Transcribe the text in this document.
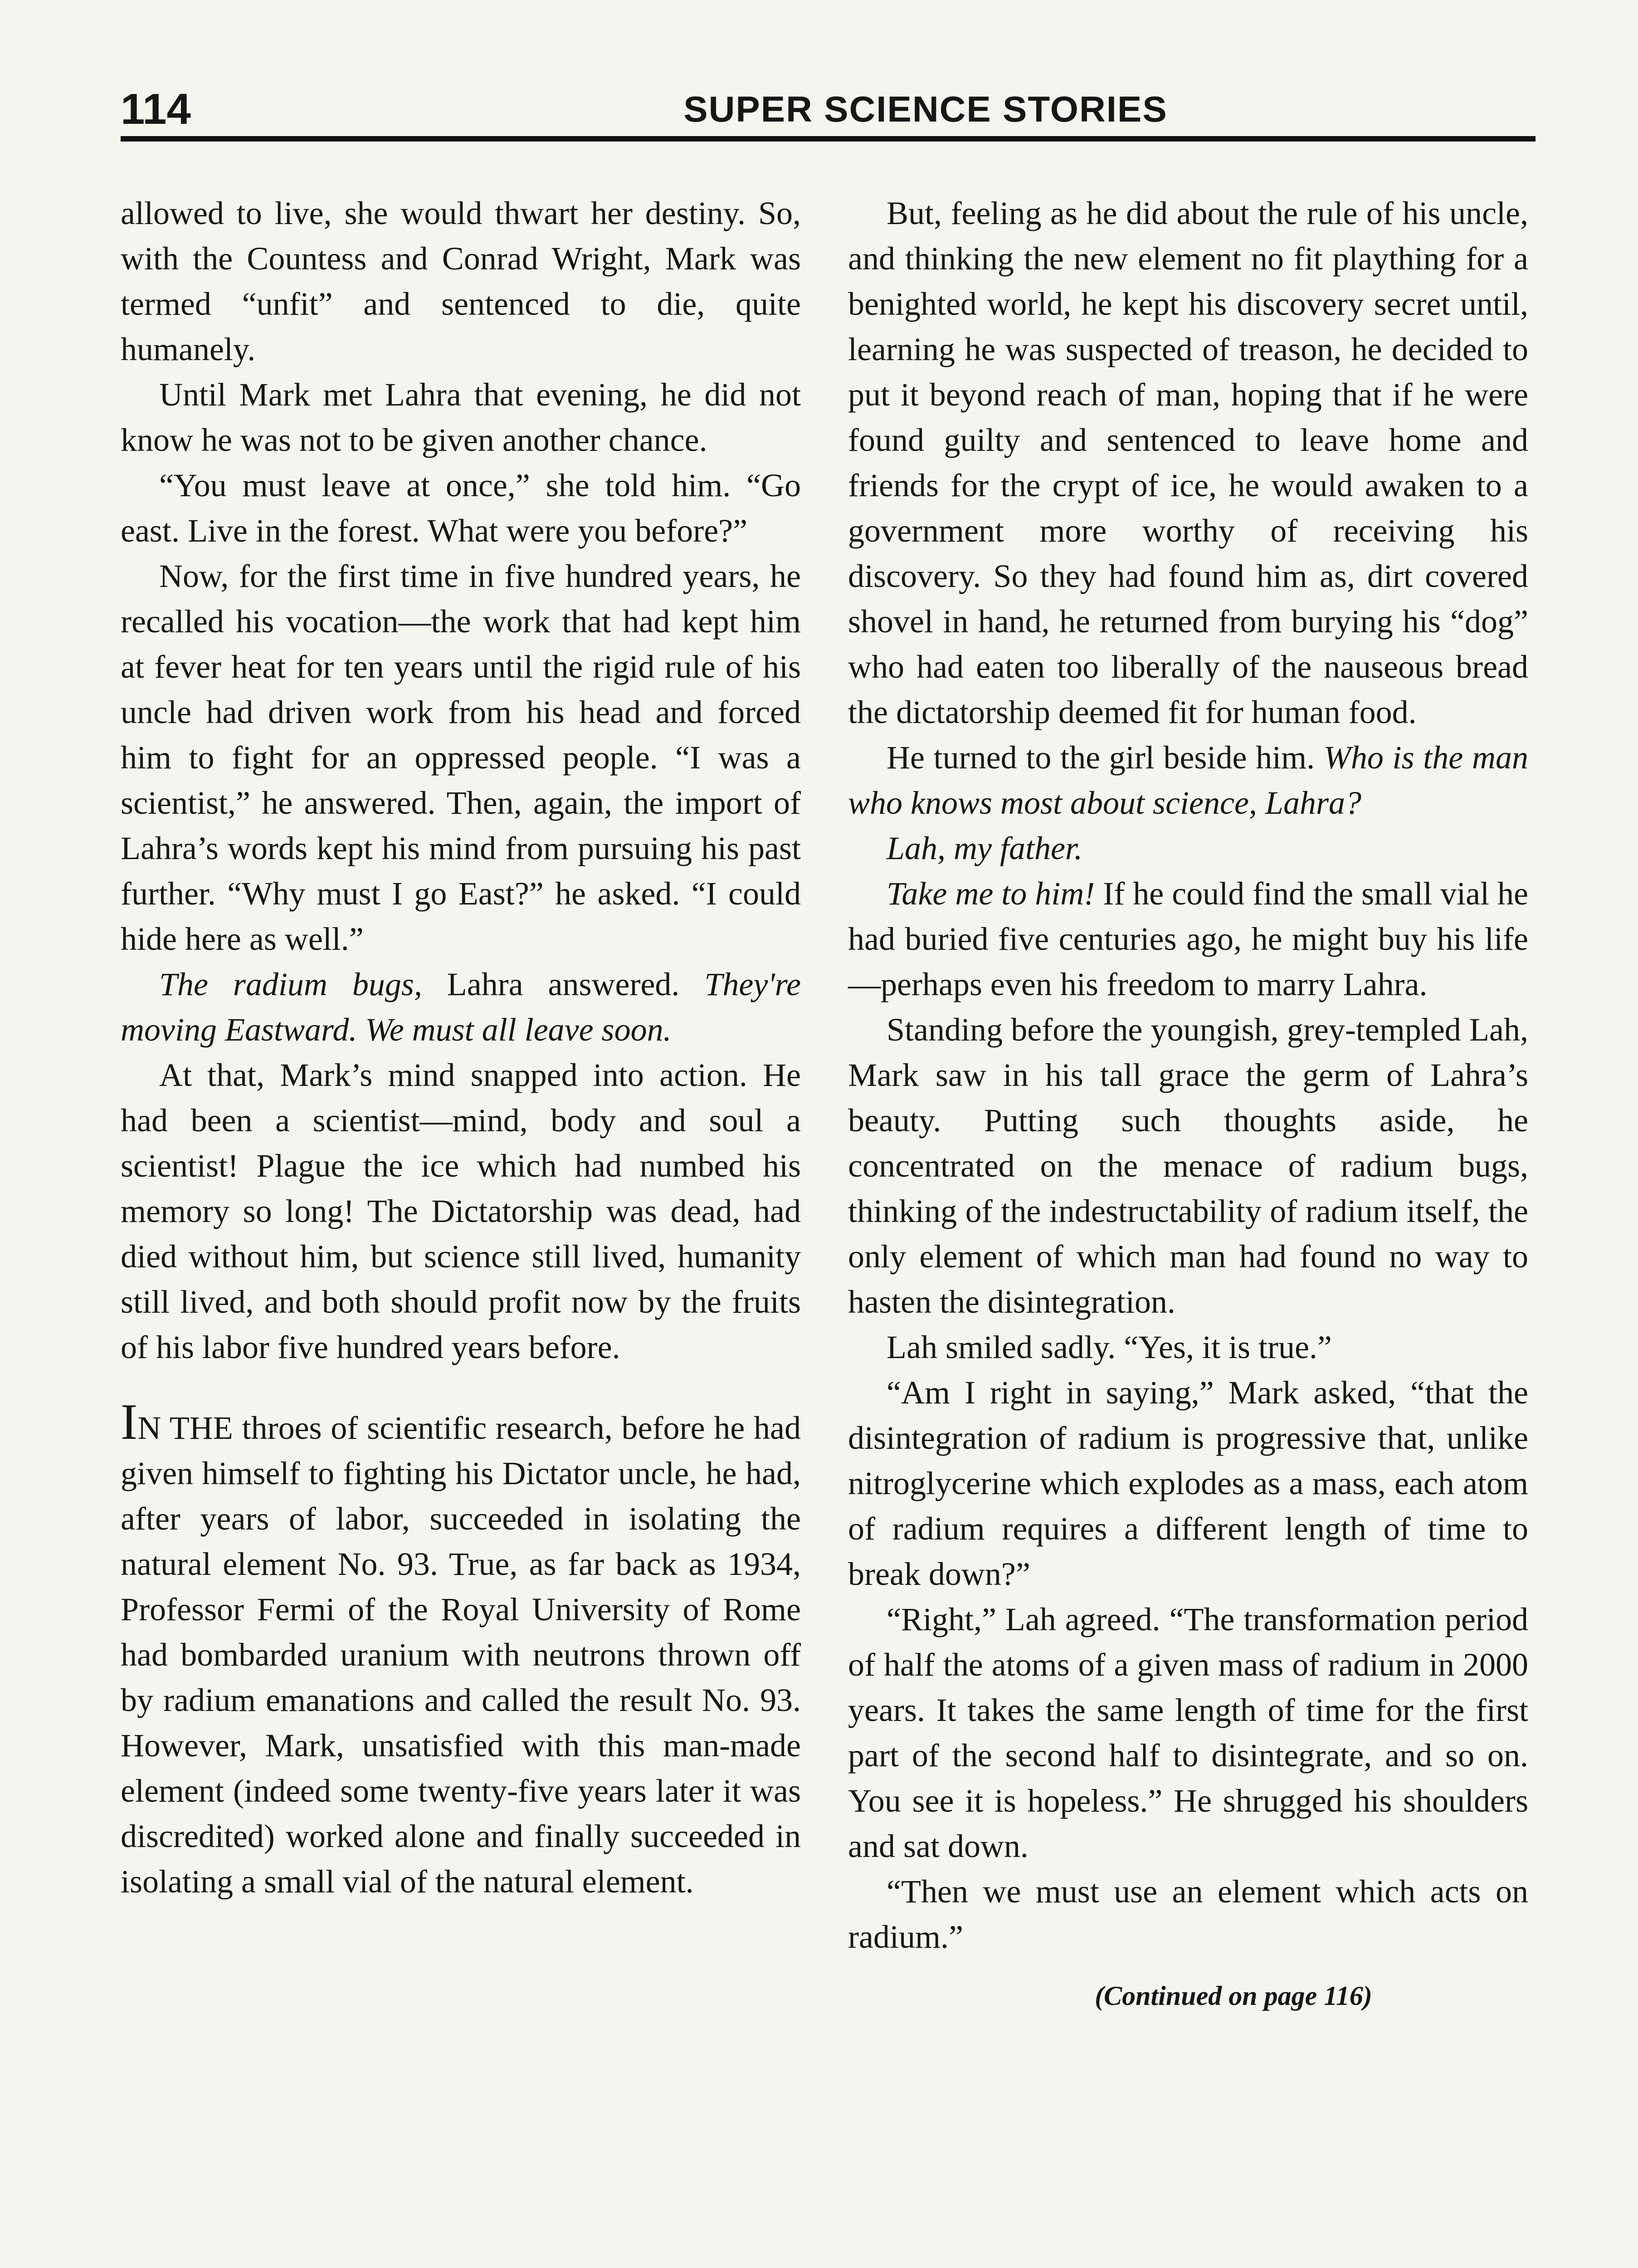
114	SUPER SCIENCE STORIES

allowed to live, she would thwart her destiny. So, with the Countess and Conrad Wright, Mark was termed “unfit” and sentenced to die, quite humanely.

Until Mark met Lahra that evening, he did not know he was not to be given another chance.

“You must leave at once,” she told him. “Go east. Live in the forest. What were you before?”

Now, for the first time in five hundred years, he recalled his vocation—the work that had kept him at fever heat for ten years until the rigid rule of his uncle had driven work from his head and forced him to fight for an oppressed people. “I was a scientist,” he answered. Then, again, the import of Lahra’s words kept his mind from pursuing his past further. “Why must I go East?” he asked. “I could hide here as well.”

The radium bugs, Lahra answered. They're moving Eastward. We must all leave soon.

At that, Mark’s mind snapped into action. He had been a scientist—mind, body and soul a scientist! Plague the ice which had numbed his memory so long! The Dictatorship was dead, had died without him, but science still lived, humanity still lived, and both should profit now by the fruits of his labor five hundred years before.

IN THE throes of scientific research, before he had given himself to fighting his Dictator uncle, he had, after years of labor, succeeded in isolating the natural element No. 93. True, as far back as 1934, Professor Fermi of the Royal University of Rome had bombarded uranium with neutrons thrown off by radium emanations and called the result No. 93. However, Mark, unsatisfied with this man-made element (indeed some twenty-five years later it was discredited) worked alone and finally succeeded in isolating a small vial of the natural element.

But, feeling as he did about the rule of his uncle, and thinking the new element no fit plaything for a benighted world, he kept his discovery secret until, learning he was suspected of treason, he decided to put it beyond reach of man, hoping that if he were found guilty and sentenced to leave home and friends for the crypt of ice, he would awaken to a government more worthy of receiving his discovery. So they had found him as, dirt covered shovel in hand, he returned from burying his “dog” who had eaten too liberally of the nauseous bread the dictatorship deemed fit for human food.

He turned to the girl beside him. Who is the man who knows most about science, Lahra?

Lah, my father.

Take me to him! If he could find the small vial he had buried five centuries ago, he might buy his life—perhaps even his freedom to marry Lahra.

Standing before the youngish, grey-templed Lah, Mark saw in his tall grace the germ of Lahra’s beauty. Putting such thoughts aside, he concentrated on the menace of radium bugs, thinking of the indestructability of radium itself, the only element of which man had found no way to hasten the disintegration.

Lah smiled sadly. “Yes, it is true.”

“Am I right in saying,” Mark asked, “that the disintegration of radium is progressive that, unlike nitroglycerine which explodes as a mass, each atom of radium requires a different length of time to break down?”

“Right,” Lah agreed. “The transformation period of half the atoms of a given mass of radium in 2000 years. It takes the same length of time for the first part of the second half to disintegrate, and so on. You see it is hopeless.” He shrugged his shoulders and sat down.

“Then we must use an element which acts on radium.”

(Continued on page 116)
